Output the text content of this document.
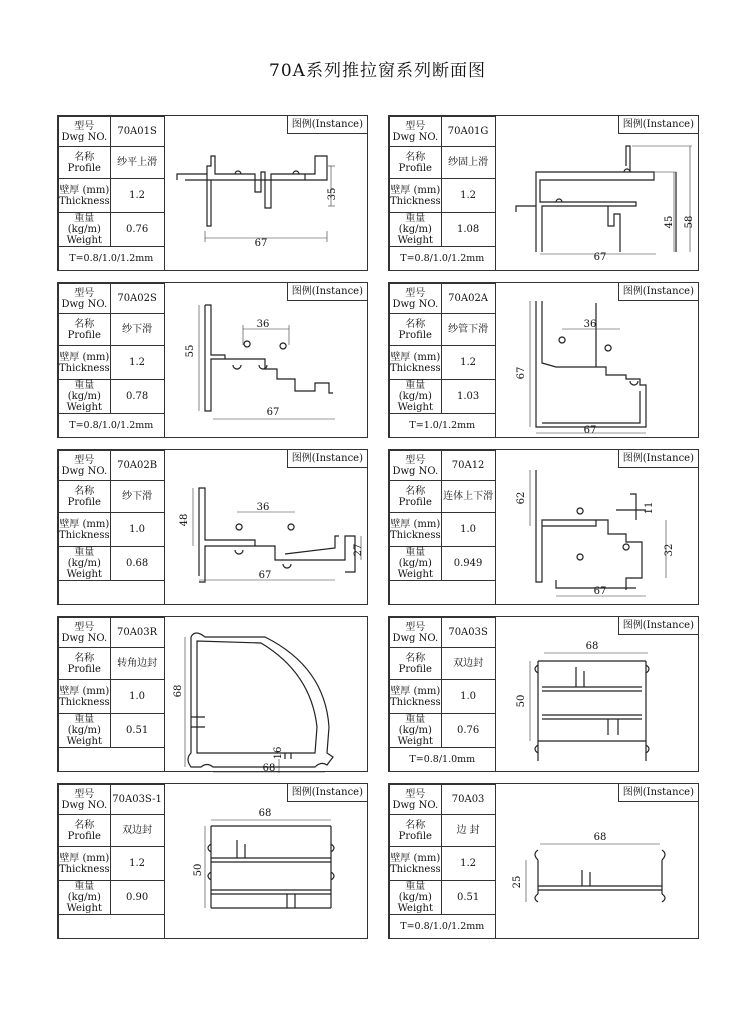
70A系列推拉窗系列断面图
型号
Dwg NO.	70A01S
名称
Profile	纱平上滑
壁厚 (mm)
Thickness	1.2
重量(kg/m)
Weight	0.76
T=0.8/1.0/1.2mm	
35
67
图例(Instance)	型号
Dwg NO.	70A01G
名称
Profile	纱固上滑
壁厚 (mm)
Thickness	1.2
重量(kg/m)
Weight	1.08
T=0.8/1.0/1.2mm	
45 58
67
图例(Instance)
型号
Dwg NO.	70A02S
名称
Profile	纱下滑
壁厚 (mm)
Thickness	1.2
重量(kg/m)
Weight	0.78
T=0.8/1.0/1.2mm	
55
36
67
图例(Instance)	型号
Dwg NO.	70A02A
名称
Profile	纱管下滑
壁厚 (mm)
Thickness	1.2
重量(kg/m)
Weight	1.03
T=1.0/1.2mm	
67
36
67
图例(Instance)
型号
Dwg NO.	70A02B
名称
Profile	纱下滑
壁厚 (mm)
Thickness	1.0
重量(kg/m)
Weight	0.68

48
36
27
67
图例(Instance)	型号
Dwg NO.	70A12
名称
Profile	连体上下滑
壁厚 (mm)
Thickness	1.0
重量(kg/m)
Weight	0.949

62
11
32
67
图例(Instance)
型号
Dwg NO.	70A03R
名称
Profile	转角边封
壁厚 (mm)
Thickness	1.0
重量(kg/m)
Weight	0.51

68
16
68
型号
Dwg NO.	70A03S
名称
Profile	双边封
壁厚 (mm)
Thickness	1.0
重量(kg/m)
Weight	0.76
T=0.8/1.0mm	
68
50
图例(Instance)
型号
Dwg NO.	70A03S-1
名称
Profile	双边封
壁厚 (mm)
Thickness	1.2
重量(kg/m)
Weight	0.90

68
50
图例(Instance)	型号
Dwg NO.	70A03
名称
Profile	边 封
壁厚 (mm)
Thickness	1.2
重量(kg/m)
Weight	0.51
T=0.8/1.0/1.2mm	
68
25
图例(Instance)
